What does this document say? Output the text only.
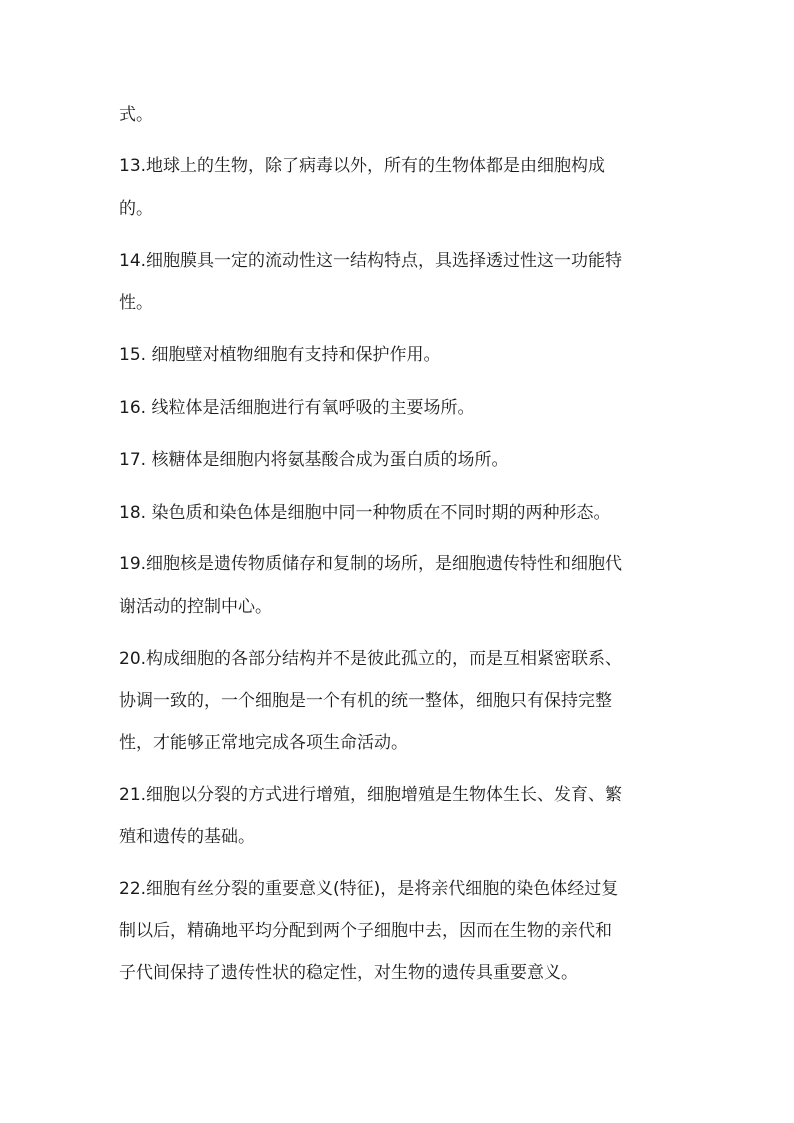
式。
13.地球上的生物，除了病毒以外，所有的生物体都是由细胞构成
的。
14.细胞膜具一定的流动性这一结构特点，具选择透过性这一功能特
性。
15. 细胞壁对植物细胞有支持和保护作用。
16. 线粒体是活细胞进行有氧呼吸的主要场所。
17. 核糖体是细胞内将氨基酸合成为蛋白质的场所。
18. 染色质和染色体是细胞中同一种物质在不同时期的两种形态。
19.细胞核是遗传物质储存和复制的场所，是细胞遗传特性和细胞代
谢活动的控制中心。
20.构成细胞的各部分结构并不是彼此孤立的，而是互相紧密联系、
协调一致的，一个细胞是一个有机的统一整体，细胞只有保持完整
性，才能够正常地完成各项生命活动。
21.细胞以分裂的方式进行增殖，细胞增殖是生物体生长、发育、繁
殖和遗传的基础。
22.细胞有丝分裂的重要意义(特征)，是将亲代细胞的染色体经过复
制以后，精确地平均分配到两个子细胞中去，因而在生物的亲代和
子代间保持了遗传性状的稳定性，对生物的遗传具重要意义。
